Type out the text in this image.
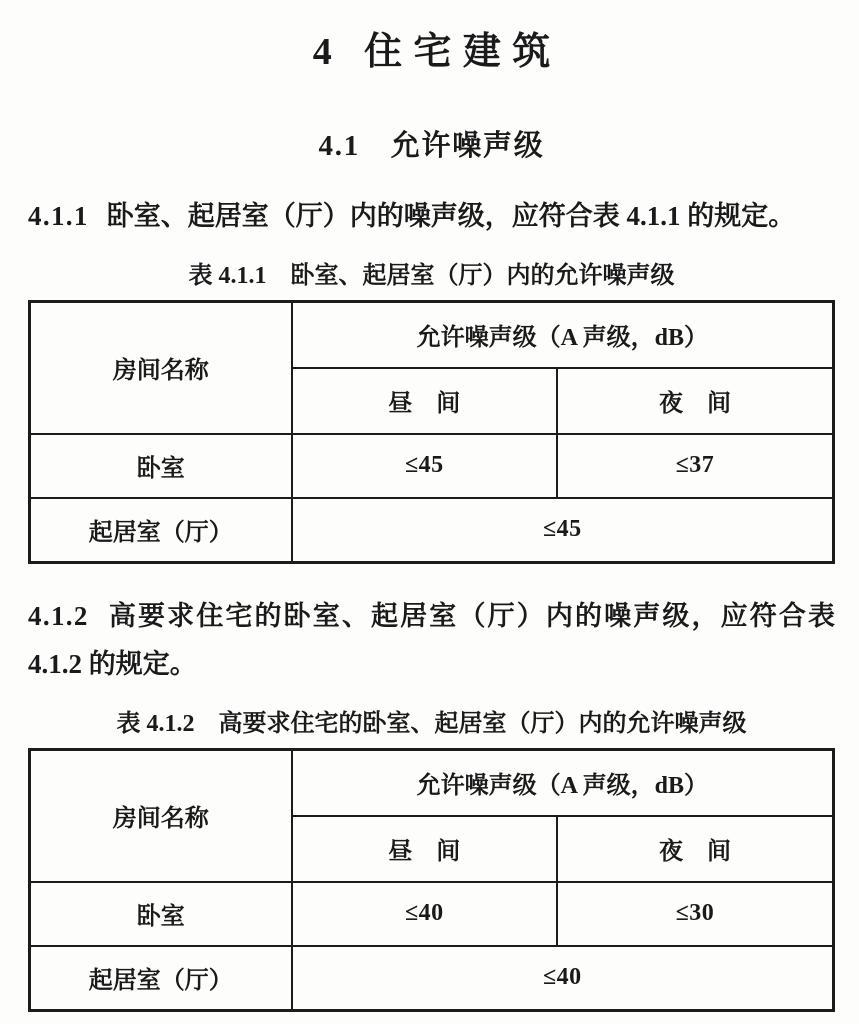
4 住宅建筑
4.1　允许噪声级

4.1.1 卧室、起居室（厅）内的噪声级，应符合表 4.1.1 的规定。

表 4.1.1　卧室、起居室（厅）内的允许噪声级
房间名称	允许噪声级（A 声级，dB）	
	昼　间	夜　间
卧室	≤45	≤37
起居室（厅）	≤45	

4.1.2 高要求住宅的卧室、起居室（厅）内的噪声级，应符合表 4.1.2 的规定。

表 4.1.2　高要求住宅的卧室、起居室（厅）内的允许噪声级
房间名称	允许噪声级（A 声级，dB）	
	昼　间	夜　间
卧室	≤40	≤30
起居室（厅）	≤40	
